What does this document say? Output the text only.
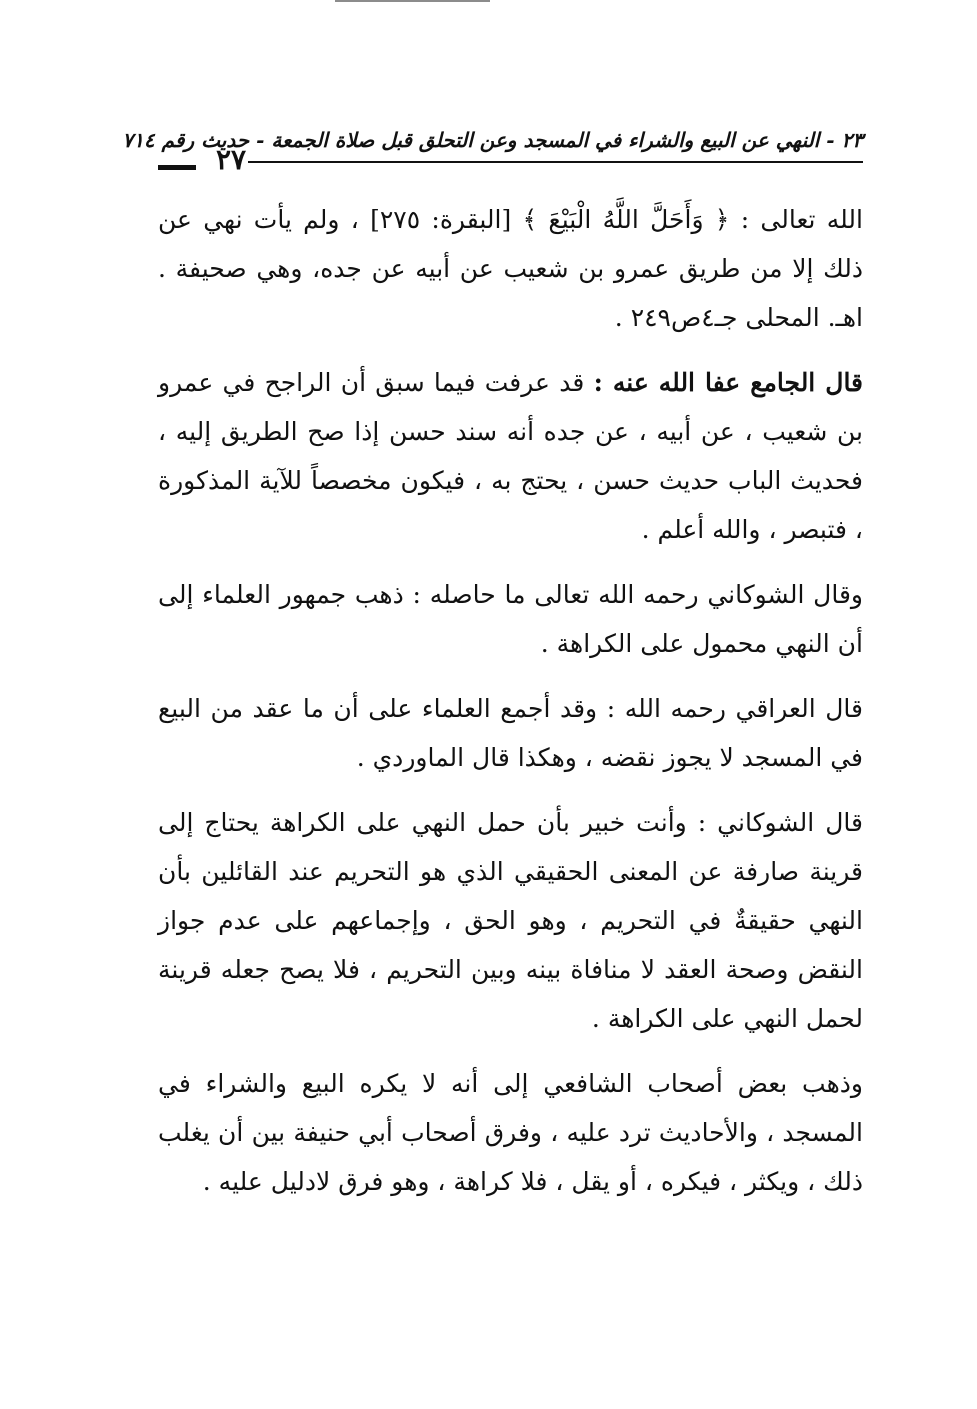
٢٣ - النهي عن البيع والشراء في المسجد وعن التحلق قبل صلاة الجمعة - حديث رقم ٧١٤
٢٧

الله تعالى : ﴿ وَأَحَلَّ اللَّهُ الْبَيْعَ ﴾ [البقرة: ٢٧٥] ، ولم يأت نهي عن ذلك إلا من طريق عمرو بن شعيب عن أبيه عن جده، وهي صحيفة . اهـ. المحلى جـ٤ص٢٤٩ .

قال الجامع عفا الله عنه : قد عرفت فيما سبق أن الراجح في عمرو بن شعيب ، عن أبيه ، عن جده أنه سند حسن إذا صح الطريق إليه ، فحديث الباب حديث حسن ، يحتج به ، فيكون مخصصاً للآية المذكورة ، فتبصر ، والله أعلم .

وقال الشوكاني رحمه الله تعالى ما حاصله : ذهب جمهور العلماء إلى أن النهي محمول على الكراهة .

قال العراقي رحمه الله : وقد أجمع العلماء على أن ما عقد من البيع في المسجد لا يجوز نقضه ، وهكذا قال الماوردي .

قال الشوكاني : وأنت خبير بأن حمل النهي على الكراهة يحتاج إلى قرينة صارفة عن المعنى الحقيقي الذي هو التحريم عند القائلين بأن النهي حقيقةٌ في التحريم ، وهو الحق ، وإجماعهم على عدم جواز النقض وصحة العقد لا منافاة بينه وبين التحريم ، فلا يصح جعله قرينة لحمل النهي على الكراهة .

وذهب بعض أصحاب الشافعي إلى أنه لا يكره البيع والشراء في المسجد ، والأحاديث ترد عليه ، وفرق أصحاب أبي حنيفة بين أن يغلب ذلك ، ويكثر ، فيكره ، أو يقل ، فلا كراهة ، وهو فرق لادليل عليه .
